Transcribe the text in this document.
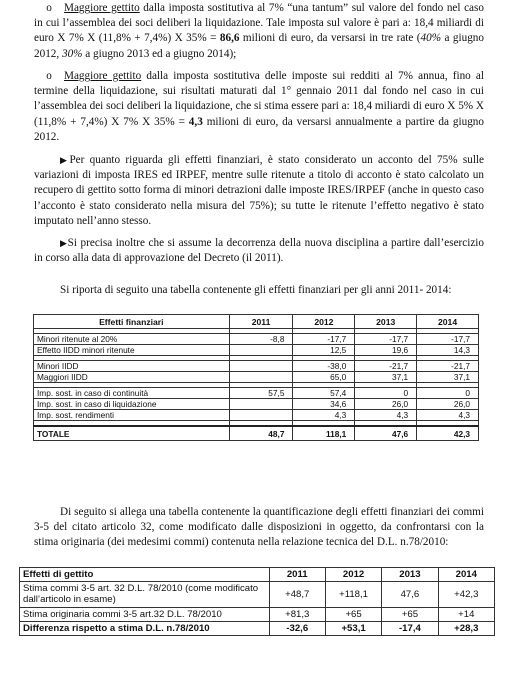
o Maggiore gettito dalla imposta sostitutiva al 7% “una tantum” sul valore del fondo nel caso in cui l’assemblea dei soci deliberi la liquidazione. Tale imposta sul valore è pari a: 18,4 miliardi di euro X 7% X (11,8% + 7,4%) X 35% = 86,6 milioni di euro, da versarsi in tre rate (40% a giugno 2012, 30% a giugno 2013 ed a giugno 2014);

o Maggiore gettito dalla imposta sostitutiva delle imposte sui redditi al 7% annua, fino al termine della liquidazione, sui risultati maturati dal 1° gennaio 2011 dal fondo nel caso in cui l’assemblea dei soci deliberi la liquidazione, che si stima essere pari a: 18,4 miliardi di euro X 5% X (11,8% + 7,4%) X 7% X 35% = 4,3 milioni di euro, da versarsi annualmente a partire da giugno 2012.

▶Per quanto riguarda gli effetti finanziari, è stato considerato un acconto del 75% sulle variazioni di imposta IRES ed IRPEF, mentre sulle ritenute a titolo di acconto è stato calcolato un recupero di gettito sotto forma di minori detrazioni dalle imposte IRES/IRPEF (anche in questo caso l’acconto è stato considerato nella misura del 75%); su tutte le ritenute l’effetto negativo è stato imputato nell’anno stesso.

▶Si precisa inoltre che si assume la decorrenza della nuova disciplina a partire dall’esercizio in corso alla data di approvazione del Decreto (il 2011).

Si riporta di seguito una tabella contenente gli effetti finanziari per gli anni 2011- 2014:

Effetti finanziari	2011	2012	2013	2014

Minori ritenute al 20%	-8,8	-17,7	-17,7	-17,7
Effetto IIDD minori ritenute		12,5	19,6	14,3

Minori IIDD		-38,0	-21,7	-21,7
Maggiori IIDD		65,0	37,1	37,1

Imp. sost. in caso di continuità	57,5	57,4	0	0
Imp. sost. in caso di liquidazione		34,6	26,0	26,0
Imp. sost. rendimenti		4,3	4,3	4,3

TOTALE	48,7	118,1	47,6	42,3

Di seguito si allega una tabella contenente la quantificazione degli effetti finanziari dei commi 3-5 del citato articolo 32, come modificato dalle disposizioni in oggetto, da confrontarsi con la stima originaria (dei medesimi commi) contenuta nella relazione tecnica del D.L. n.78/2010:

Effetti di gettito	2011	2012	2013	2014
Stima commi 3-5 art. 32 D.L. 78/2010 (come modificato dall’articolo in esame)	+48,7	+118,1	47,6	+42,3
Stima originaria commi 3-5 art.32 D.L. 78/2010	+81,3	+65	+65	+14
Differenza rispetto a stima D.L. n.78/2010	-32,6	+53,1	-17,4	+28,3
